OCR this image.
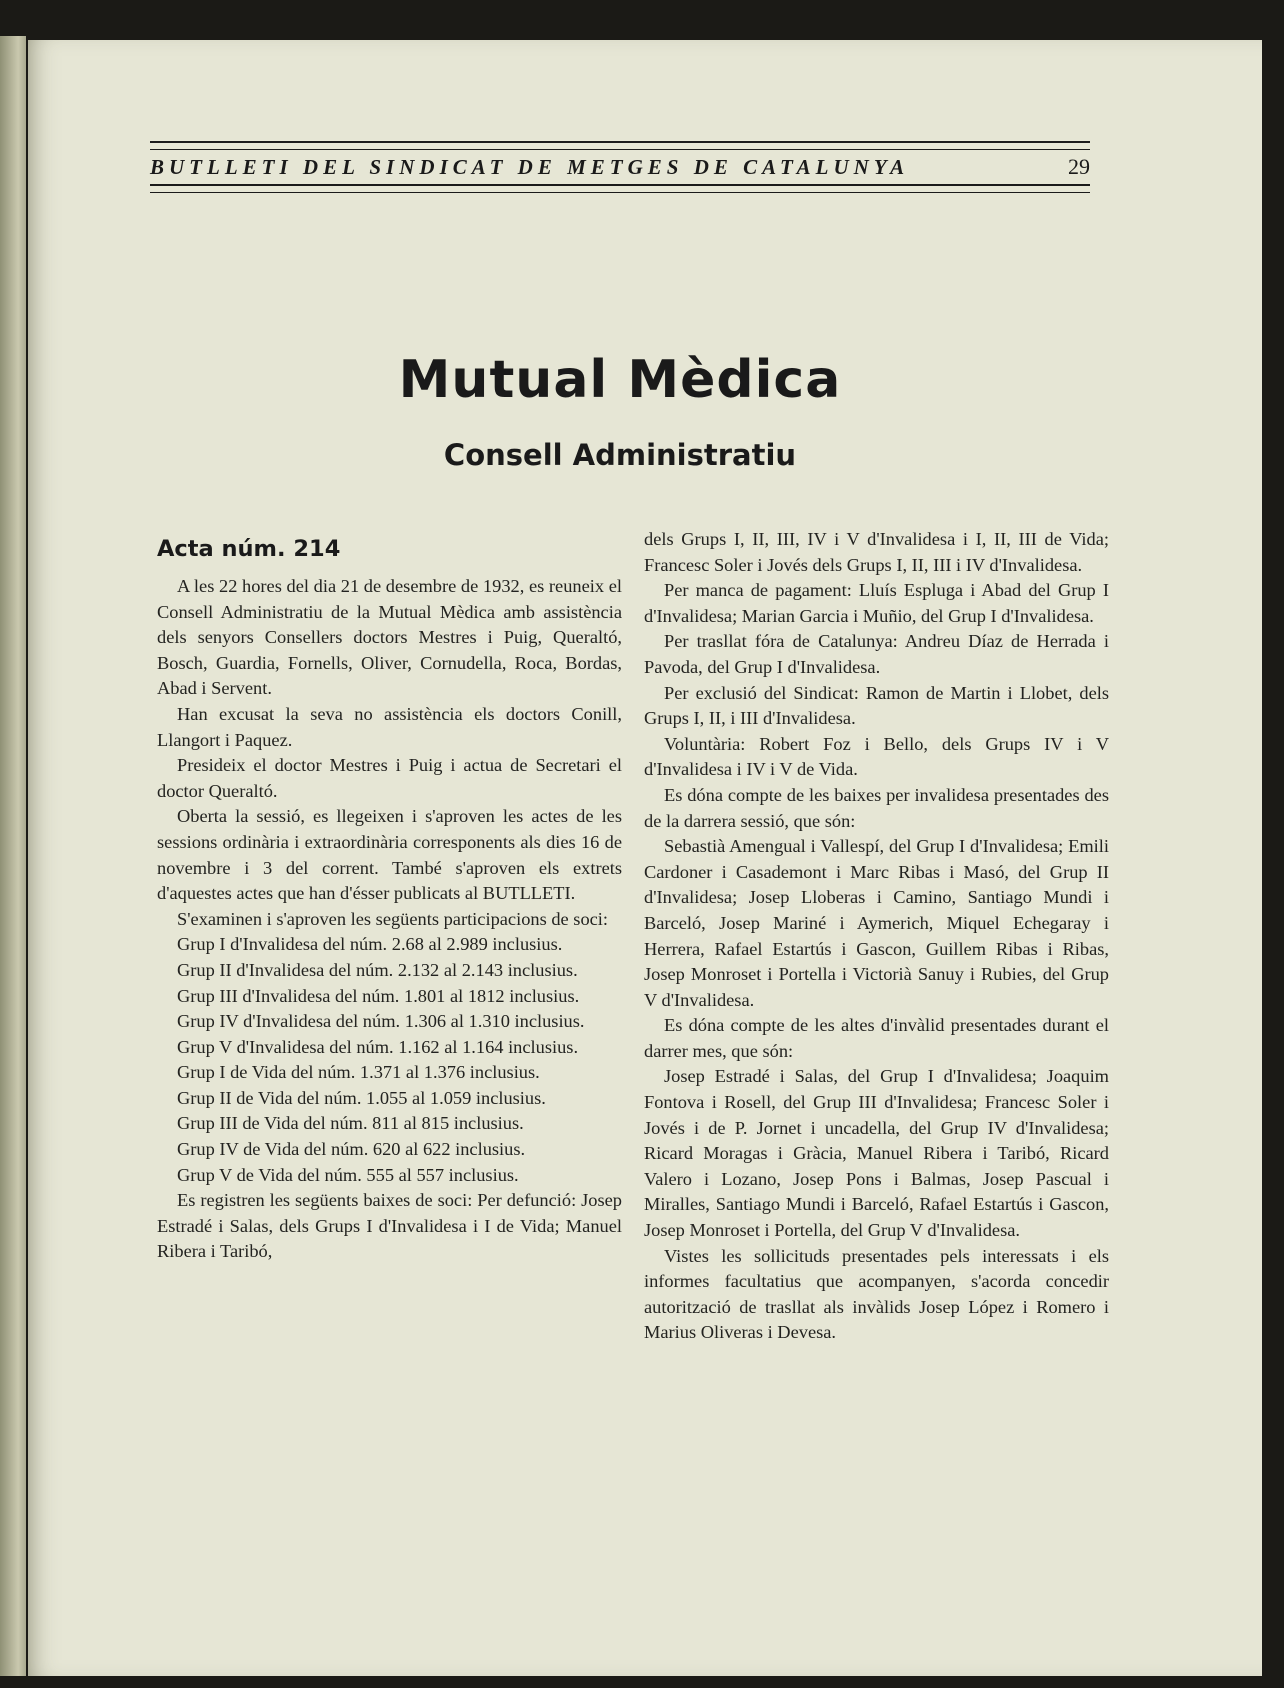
BUTLLETI DEL SINDICAT DE METGES DE CATALUNYA	29
Mutual Mèdica
Consell Administratiu
Acta núm. 214

A les 22 hores del dia 21 de desembre de 1932, es reuneix el Consell Administratiu de la Mutual Mèdica amb assistència dels senyors Consellers doctors Mestres i Puig, Queraltó, Bosch, Guardia, Fornells, Oliver, Cornudella, Roca, Bordas, Abad i Servent.

Han excusat la seva no assistència els doctors Conill, Llangort i Paquez.

Presideix el doctor Mestres i Puig i actua de Secretari el doctor Queraltó.

Oberta la sessió, es llegeixen i s'aproven les actes de les sessions ordinària i extraordinària corresponents als dies 16 de novembre i 3 del corrent. També s'aproven els extrets d'aquestes actes que han d'ésser publicats al BUTLLETI.

S'examinen i s'aproven les següents participacions de soci:

Grup I d'Invalidesa del núm. 2.68 al 2.989 inclusius.

Grup II d'Invalidesa del núm. 2.132 al 2.143 inclusius.

Grup III d'Invalidesa del núm. 1.801 al 1812 inclusius.

Grup IV d'Invalidesa del núm. 1.306 al 1.310 inclusius.

Grup V d'Invalidesa del núm. 1.162 al 1.164 inclusius.

Grup I de Vida del núm. 1.371 al 1.376 inclusius.

Grup II de Vida del núm. 1.055 al 1.059 inclusius.

Grup III de Vida del núm. 811 al 815 inclusius.

Grup IV de Vida del núm. 620 al 622 inclusius.

Grup V de Vida del núm. 555 al 557 inclusius.

Es registren les següents baixes de soci: Per defunció: Josep Estradé i Salas, dels Grups I d'Invalidesa i I de Vida; Manuel Ribera i Taribó,

dels Grups I, II, III, IV i V d'Invalidesa i I, II, III de Vida; Francesc Soler i Jovés dels Grups I, II, III i IV d'Invalidesa.

Per manca de pagament: Lluís Espluga i Abad del Grup I d'Invalidesa; Marian Garcia i Muñio, del Grup I d'Invalidesa.

Per trasllat fóra de Catalunya: Andreu Díaz de Herrada i Pavoda, del Grup I d'Invalidesa.

Per exclusió del Sindicat: Ramon de Martin i Llobet, dels Grups I, II, i III d'Invalidesa.

Voluntària: Robert Foz i Bello, dels Grups IV i V d'Invalidesa i IV i V de Vida.

Es dóna compte de les baixes per invalidesa presentades des de la darrera sessió, que són:

Sebastià Amengual i Vallespí, del Grup I d'Invalidesa; Emili Cardoner i Casademont i Marc Ribas i Masó, del Grup II d'Invalidesa; Josep Lloberas i Camino, Santiago Mundi i Barceló, Josep Mariné i Aymerich, Miquel Echegaray i Herrera, Rafael Estartús i Gascon, Guillem Ribas i Ribas, Josep Monroset i Portella i Victorià Sanuy i Rubies, del Grup V d'Invalidesa.

Es dóna compte de les altes d'invàlid presentades durant el darrer mes, que són:

Josep Estradé i Salas, del Grup I d'Invalidesa; Joaquim Fontova i Rosell, del Grup III d'Invalidesa; Francesc Soler i Jovés i de P. Jornet i uncadella, del Grup IV d'Invalidesa; Ricard Moragas i Gràcia, Manuel Ribera i Taribó, Ricard Valero i Lozano, Josep Pons i Balmas, Josep Pascual i Miralles, Santiago Mundi i Barceló, Rafael Estartús i Gascon, Josep Monroset i Portella, del Grup V d'Invalidesa.

Vistes les sollicituds presentades pels interessats i els informes facultatius que acompanyen, s'acorda concedir autorització de trasllat als invàlids Josep López i Romero i Marius Oliveras i Devesa.
